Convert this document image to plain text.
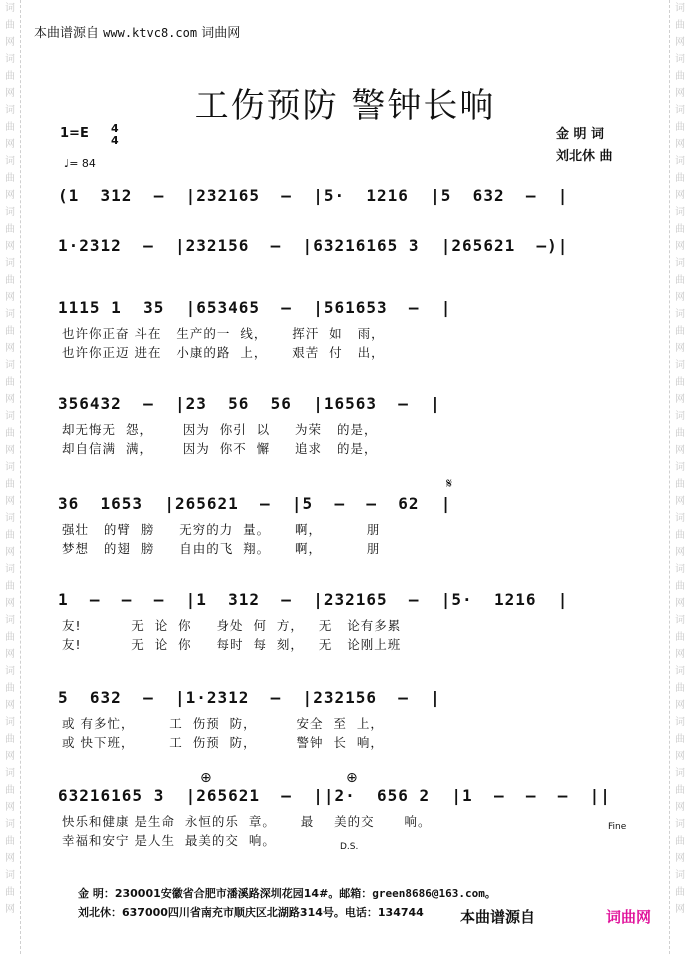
词曲网词曲网词曲网词曲网词曲网词曲网词曲网词曲网词曲网词曲网词曲网词曲网词曲网词曲网词曲网词曲网词曲网词曲网
词曲网词曲网词曲网词曲网词曲网词曲网词曲网词曲网词曲网词曲网词曲网词曲网词曲网词曲网词曲网词曲网词曲网词曲网
本曲谱源自 www.ktvc8.com 词曲网
工伤预防 警钟长响
1=E 4
4
♩= 84
金 明 词
刘北休 曲
(1  312  –  |232165  –  |5·  1216  |5  632  –  |
1·2312  –  |232156  –  |63216165 3  |265621  –)|
1115 1  35  |653465  –  |561653  –  |
也许你正奋 斗在   生产的一  线，     挥汗  如   雨，
也许你正迈 进在   小康的路  上，     艰苦  付   出，
356432  –  |23  56  56  |16563  –  |
却无悔无  怨，      因为  你引  以     为荣   的是，
却自信满  满，      因为  你不  懈     追求   的是，
36  1653  |265621  –  |5  –  –  62  |
强壮   的臂  膀     无穷的力  量。     啊，         朋
梦想   的翅  膀     自由的飞  翔。     啊，         朋
1  –  –  –  |1  312  –  |232165  –  |5·  1216  |
友!          无  论  你     身处  何  方，   无   论有多累
友!          无  论  你     每时  每  刻，   无   论刚上班
5  632  –  |1·2312  –  |232156  –  |
或 有多忙，       工  伤预  防，        安全  至  上，
或 快下班，       工  伤预  防，        警钟  长  响，
63216165 3  |265621  –  ||2·  656 2  |1  –  –  –  ||
快乐和健康 是生命  永恒的乐  章。     最    美的交      响。
幸福和安宁 是人生  最美的交  响。
𝄋
⊕	⊕
D.S.
Fine
金 明：230001安徽省合肥市潘溪路深圳花园14#。邮箱：green8686@163.com。
刘北休：637000四川省南充市顺庆区北湖路314号。电话：134744	本曲谱源自	词曲网
